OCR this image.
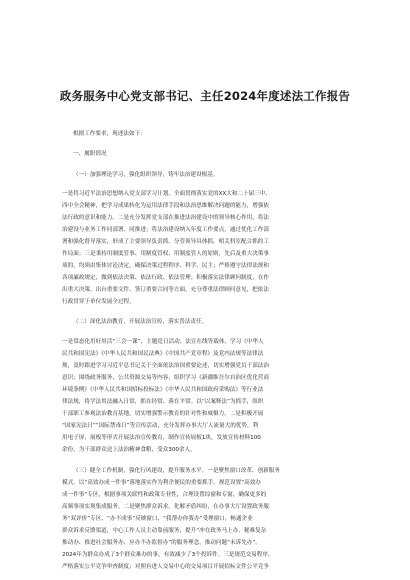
政务服务中心党支部书记、主任2024年度述法工作报告
根据工作要求，现述法如下：
一、履职情况
（一）加强理论学习，强化组织领导，铸牢法治建设根基。
一是将习近平法治思想纳入党支部学习计划，全面贯彻落实党的XX大和二十届三中、
四中全会精神，把学习成果转化为运用法律手段和法治思维解决问题的能力，增强依
法行政的意识和能力。二是充分发挥党支部在推进法治建设中的领导核心作用，将法
治建设与业务工作同部署、同推进；将法治建设纳入年度工作要点，通过优化工作部
署和强化督导落实，形成了主要领导负责抓、分管领导具体抓，相关科室配合抓的工
作局面；三是秉持用制度管事、用制度管权、用制度管人的原则，先后及重大决策事
项的，均须由集体讨论决定，确保决策过程程序、科学、民主；严格遵守法律法规和
各项廉政规定，做到依法决策、依法行政、依法管理；积极落实法律顾问制度，在作
出重大决策、出台重要文件、签订重要合同等方面，充分尊重法律顾问意见，把依法
行政贯穿于单位发展全过程。
（二）深化法治教育，开展法治宣传，落实普法责任。
一是常态化用好用活“三会一课”，主题党日活动、法宣在线等载体，学习《中华人
民共和国宪法》《中华人民共和国民法典》《中国共产党章程》及党内法规等法律法
规，及时跟进学习习近平总书记关于全面依法治国重要论述，切实增强党员干部法治
意识；围绕政务服务、公共资源交易等内容，组织学习《新疆维吾尔自治区优化营商
环境条例》《中华人民共和国招标投标法》《中华人民共和国政府采购法》等行业法
律法规，将学法用法融入日常，抓在经常、落在平常。以“以案释法”为抓手，组织
干部职工参观法治教育基地，切实增强警示教育的针对性和威慑力。二是积极开展
“国家宪法日”“国际禁毒日”等宣传活动，充分发挥办事大厅人流量大的优势，利
用电子屏、展板等形式开展法治宣传教育，制作宣传展板1块，发放宣传材料100
余份，为干部群众送上法治精神食粮，受众300余人。
（三）健全工作机制，强化行风建设，提升服务水平。一是聚焦窗口改革，创新服务
模式。以“高效办成一件事”落地落实作为利企便民的重要抓手，规范设置“高效办
成一件事”专区，根据事项关联性和政策专业性，合理设置综窗和专窗，确保更多的
高频事项实现集成服务。二是聚焦群众诉求，化解矛盾纠纷，在办事大厅设置政务服
务“双评价”专区、“办不成事”反映窗口、“我帮办你我办”受理窗口，畅通企业
群众诉求反馈渠道，中心工作人员主动靠前服务，提升“冲在政务马上办、秘难复杂
推动办、推进社会服务办、应办不办监督办”的服务理念，推动问题“未诉先办”。
2024年为群众办成了3个群众难办的事，有效减少了3个投诉件。三是规范交易程序，
严格落实公平竞争审查制度；对照有进人交易中心的交易项目开展招标文件公平竞争
